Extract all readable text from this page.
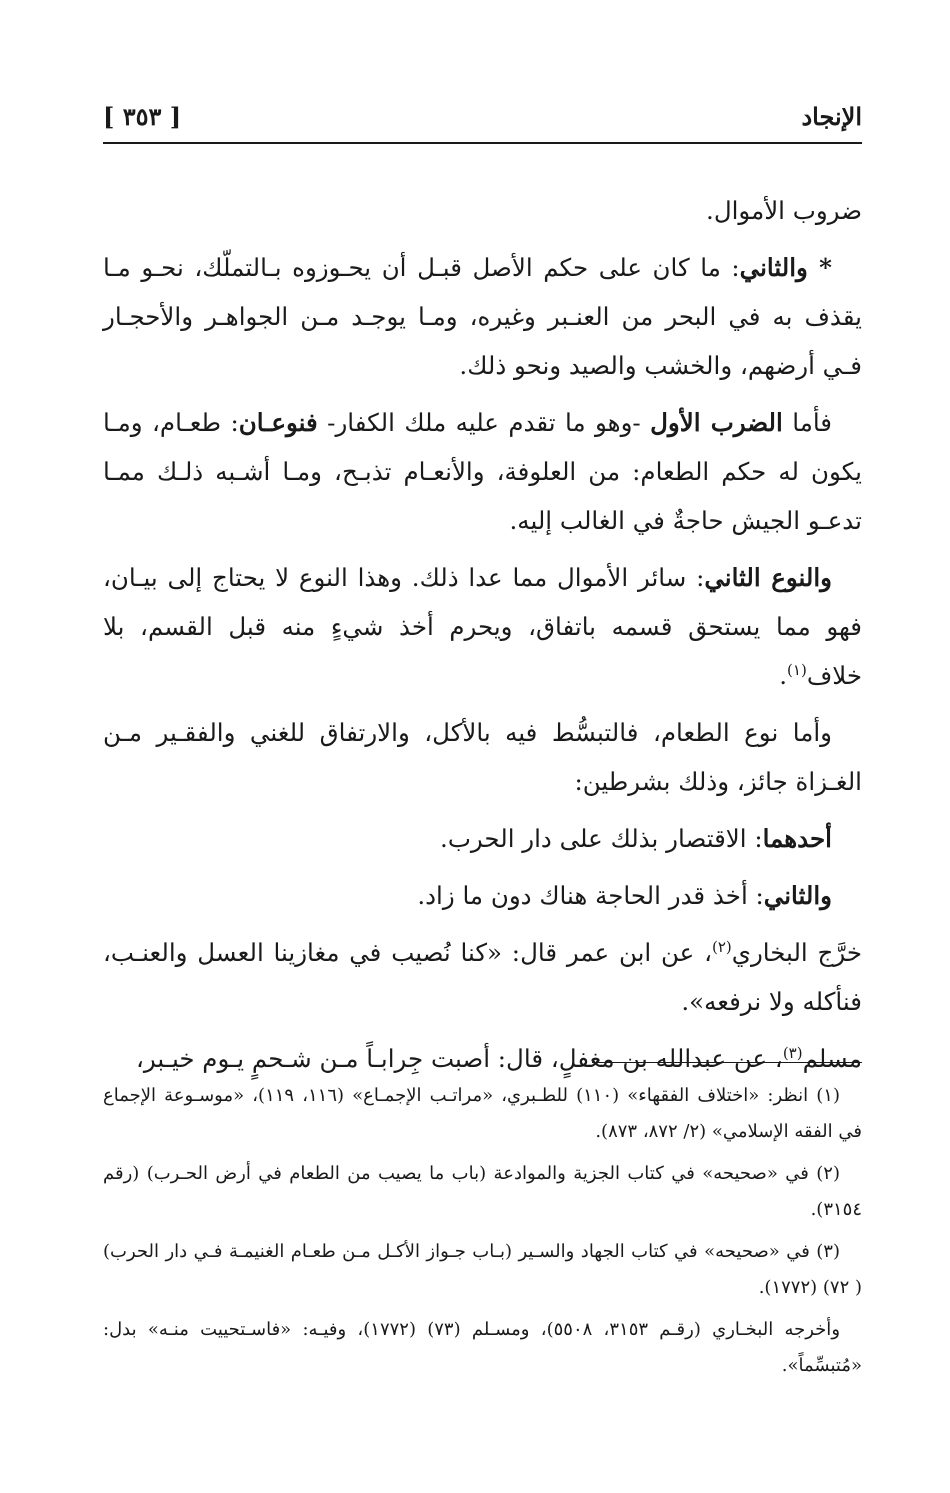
الإنجاد
[ ٣٥٣ ]

ضروب الأموال.

* والثاني: ما كان على حكم الأصل قبـل أن يحـوزوه بـالتملّك، نحـو مـا يقذف به في البحر من العنـبر وغيره، ومـا يوجـد مـن الجواهـر والأحجـار فـي أرضهم، والخشب والصيد ونحو ذلك.

فأما الضرب الأول -وهو ما تقدم عليه ملك الكفار- فنوعـان: طعـام، ومـا يكون له حكم الطعام: من العلوفة، والأنعـام تذبـح، ومـا أشـبه ذلـك ممـا تدعـو الجيش حاجةٌ في الغالب إليه.

والنوع الثاني: سائر الأموال مما عدا ذلك. وهذا النوع لا يحتاج إلى بيـان، فهو مما يستحق قسمه باتفاق، ويحرم أخذ شيءٍ منه قبل القسم، بلا خلاف$^{(١)}$.

وأما نوع الطعام، فالتبسُّط فيه بالأكل، والارتفاق للغني والفقـير مـن الغـزاة جائز، وذلك بشرطين:

أحدهما: الاقتصار بذلك على دار الحرب.

والثاني: أخذ قدر الحاجة هناك دون ما زاد.

خرَّج البخاري$^{(٢)}$، عن ابن عمر قال: «كنا نُصيب في مغازينا العسل والعنـب، فنأكله ولا نرفعه».

مسلم$^{(٣)}$، عن عبدالله بن مغفلٍ، قال: أصبت جِرابـاً مـن شـحمٍ يـوم خيـبر،

(١) انظر: «اختلاف الفقهاء» (١١٠) للطـبري، «مراتـب الإجمـاع» (١١٦، ١١٩)، «موسـوعة الإجماع في الفقه الإسلامي» (٢/ ٨٧٢، ٨٧٣).

(٢) في «صحيحه» في كتاب الجزية والموادعة (باب ما يصيب من الطعام في أرض الحـرب) (رقم ٣١٥٤).

(٣) في «صحيحه» في كتاب الجهاد والسـير (بـاب جـواز الأكـل مـن طعـام الغنيمـة فـي دار الحرب) ( ٧٢) (١٧٧٢).

وأخرجه البخـاري (رقـم ٣١٥٣، ٥٥٠٨)، ومسـلم (٧٣) (١٧٧٢)، وفيـه: «فاسـتحييت منـه» بدل: «مُتبسِّماً».
